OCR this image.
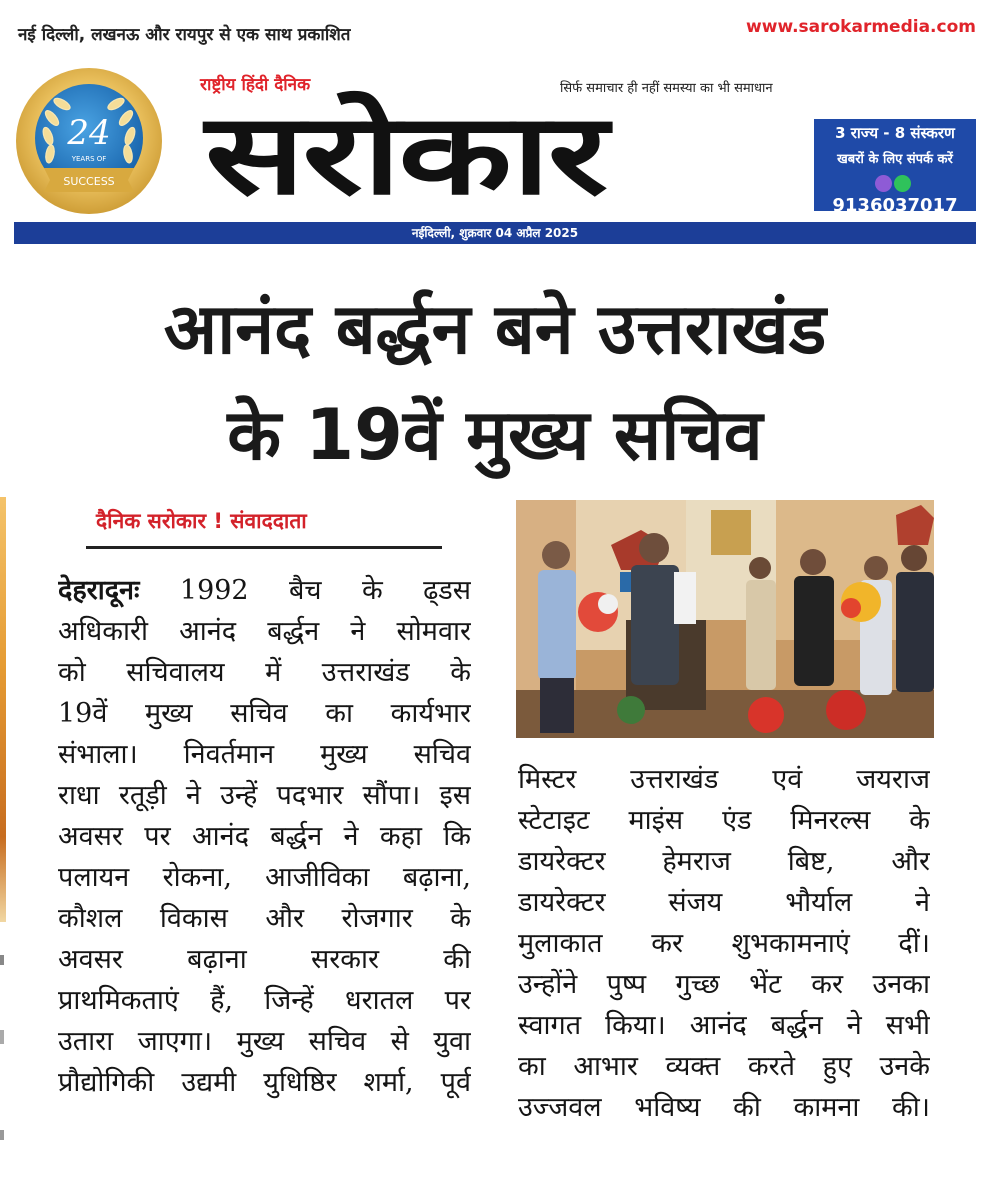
नई दिल्ली, लखनऊ और रायपुर से एक साथ प्रकाशित	www.sarokarmedia.com
24
YEARS OF
SUCCESS
राष्ट्रीय हिंदी दैनिक	सिर्फ समाचार ही नहीं समस्या का भी समाधान
सरोकार	3 राज्य - 8 संस्करण
खबरों के लिए संपर्क करें
9136037017
नईदिल्ली, शुक्रवार 04 अप्रैल 2025
आनंद बर्द्धन बने उत्तराखंड
के 19वें मुख्य सचिव
दैनिक सरोकार ! संवाददाता
देहरादूनः 1992 बैच के ढ्डस
अधिकारी आनंद बर्द्धन ने सोमवार
को सचिवालय में उत्तराखंड के
19वें मुख्य सचिव का कार्यभार
संभाला। निवर्तमान मुख्य सचिव
राधा रतूड़ी ने उन्हें पदभार सौंपा। इस
अवसर पर आनंद बर्द्धन ने कहा कि
पलायन रोकना, आजीविका बढ़ाना,
कौशल विकास और रोजगार के
अवसर बढ़ाना सरकार की
प्राथमिकताएं हैं, जिन्हें धरातल पर
उतारा जाएगा। मुख्य सचिव से युवा
प्रौद्योगिकी उद्यमी युधिष्ठिर शर्मा, पूर्व
मिस्टर उत्तराखंड एवं जयराज
स्टेटाइट माइंस एंड मिनरल्स के
डायरेक्टर हेमराज बिष्ट, और
डायरेक्टर संजय भौर्याल ने
मुलाकात कर शुभकामनाएं दीं।
उन्होंने पुष्प गुच्छ भेंट कर उनका
स्वागत किया। आनंद बर्द्धन ने सभी
का आभार व्यक्त करते हुए उनके
उज्जवल भविष्य की कामना की।
